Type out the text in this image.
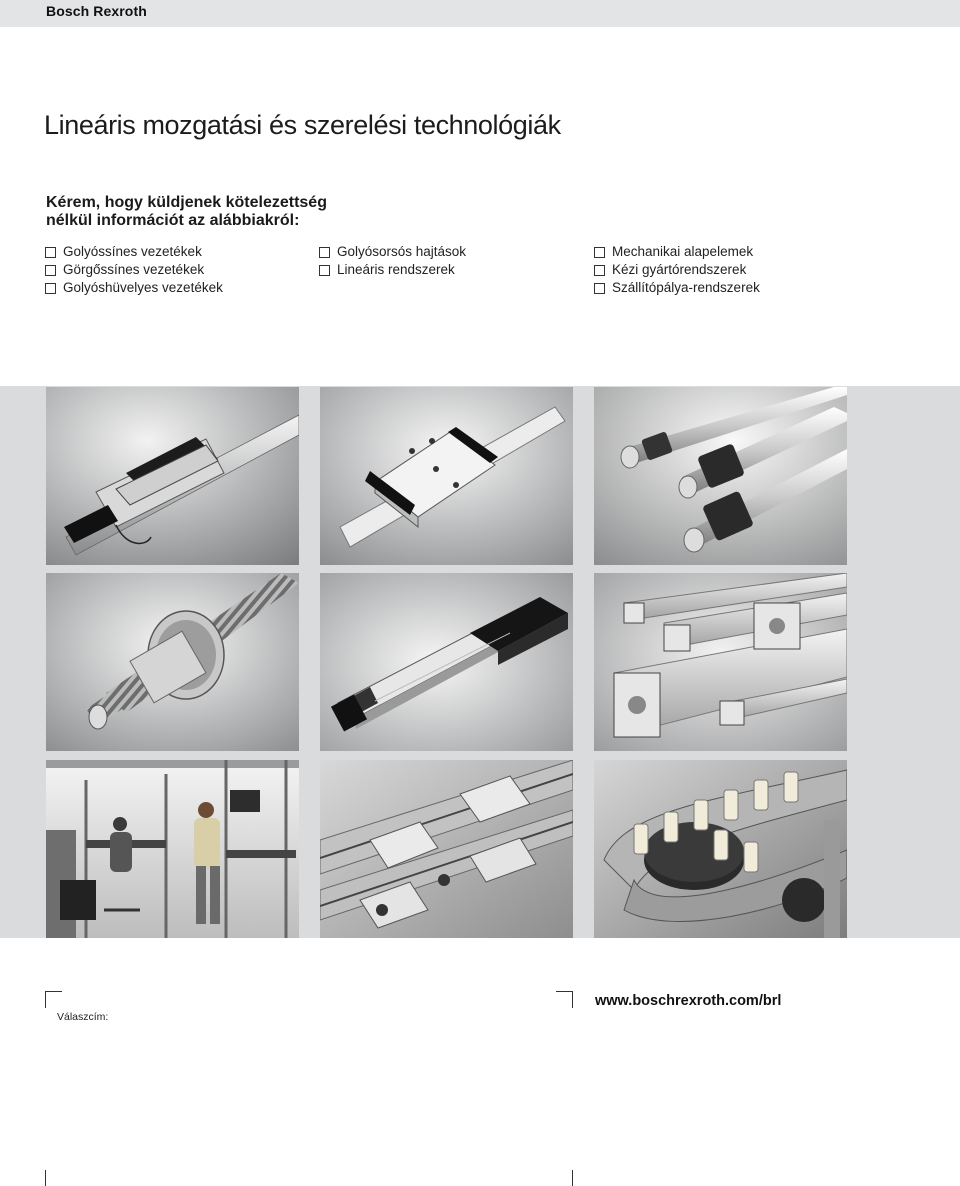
Bosch Rexroth
Lineáris mozgatási és szerelési technológiák
Kérem, hogy küldjenek kötelezettség
nélkül információt az alábbiakról:
Golyóssínes vezetékek
Görgőssínes vezetékek
Golyóshüvelyes vezetékek
Golyósorsós hajtások
Lineáris rendszerek
Mechanikai alapelemek
Kézi gyártórendszerek
Szállítópálya-rendszerek
Válaszcím:
www.boschrexroth.com/brl
